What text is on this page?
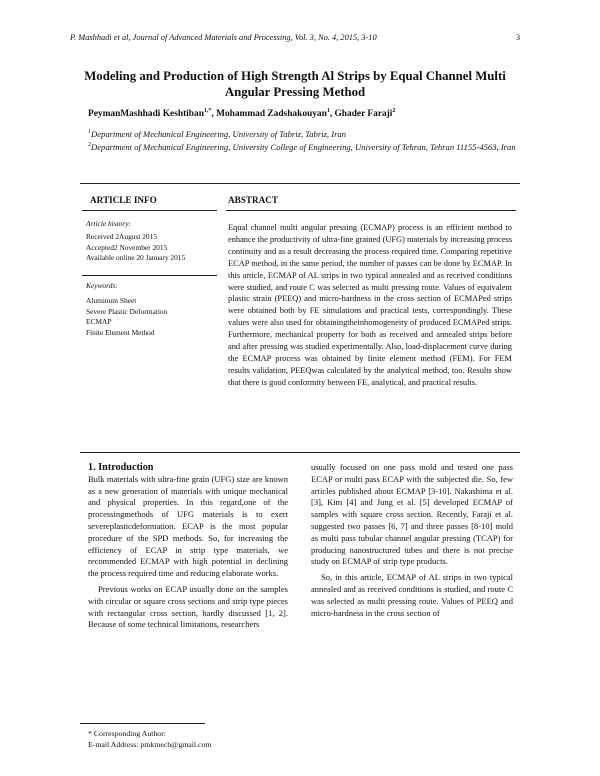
P. Mashhadi et al, Journal of Advanced Materials and Processing, Vol. 3, No. 4, 2015, 3-10	3
Modeling and Production of High Strength Al Strips by Equal Channel Multi Angular Pressing Method
PeymanMashhadi Keshtiban$^{1,*}$, Mohammad Zadshakouyan$^1$, Ghader Faraji$^2$
$^1$Department of Mechanical Engineering, University of Tabriz, Tabriz, Iran
$^2$Department of Mechanical Engineering, University College of Engineering, University of Tehran, Tehran 11155-4563, Iran
ARTICLE INFO	ABSTRACT
Article history:
Received 2August 2015
Accepted2 November 2015
Available online 20 January 2015
Keywords:
Aluminum Sheet
Severe Plastic Deformation
ECMAP
Finite Element Method
Equal channel multi angular pressing (ECMAP) process is an efficient method to enhance the productivity of ultra-fine grained (UFG) materials by increasing process continuity and as a result decreasing the process required time. Comparing repetitive ECAP method, in the same period, the number of passes can be done by ECMAP. In this article, ECMAP of AL strips in two typical annealed and as received conditions were studied, and route C was selected as multi pressing route. Values of equivalent plastic strain (PEEQ) and micro-hardness in the cross section of ECMAPed strips were obtained both by FE simulations and practical tests, correspondingly. These values were also used for obtainingtheinhomogeneity of produced ECMAPed strips. Furthermore, mechanical property for both as received and annealed strips before and after pressing was studied experimentally. Also, load-displacement curve during the ECMAP process was obtained by finite element method (FEM). For FEM results validation, PEEQwas calculated by the analytical method, too. Results show that there is good conformity between FE, analytical, and practical results.
1. Introduction

Bulk materials with ultra-fine grain (UFG) size are known as a new generation of materials with unique mechanical and physical properties. In this regard,one of the processingmethods of UFG materials is to exert severeplasticdeformation. ECAP is the most popular procedure of the SPD methods. So, for increasing the efficiency of ECAP in strip type materials, we recommended ECMAP with high potential in declining the process required time and reducing elaborate works.

Previous works on ECAP usually done on the samples with circular or square cross sections and strip type pieces with rectangular cross section, hardly discussed [1, 2]. Because of some technical limitations, researchers

usually focused on one pass mold and tested one pass ECAP or multi pass ECAP with the subjected die. So, few articles published about ECMAP [3-10]. Nakashima et al. [3], Kim [4] and Jung et al. [5] developed ECMAP of samples with square cross section. Recently, Faraji et al. suggested two passes [6, 7] and three passes [8-10] mold as multi pass tubular channel angular pressing (TCAP) for producing nanostructured tubes and there is not precise study on ECMAP of strip type products.

So, in this article, ECMAP of AL strips in two typical annealed and as received conditions is studied, and route C was selected as multi pressing route. Values of PEEQ and micro-hardness in the cross section of

* Corresponding Author:
E-mail Address: pmkmech@gmail.com
